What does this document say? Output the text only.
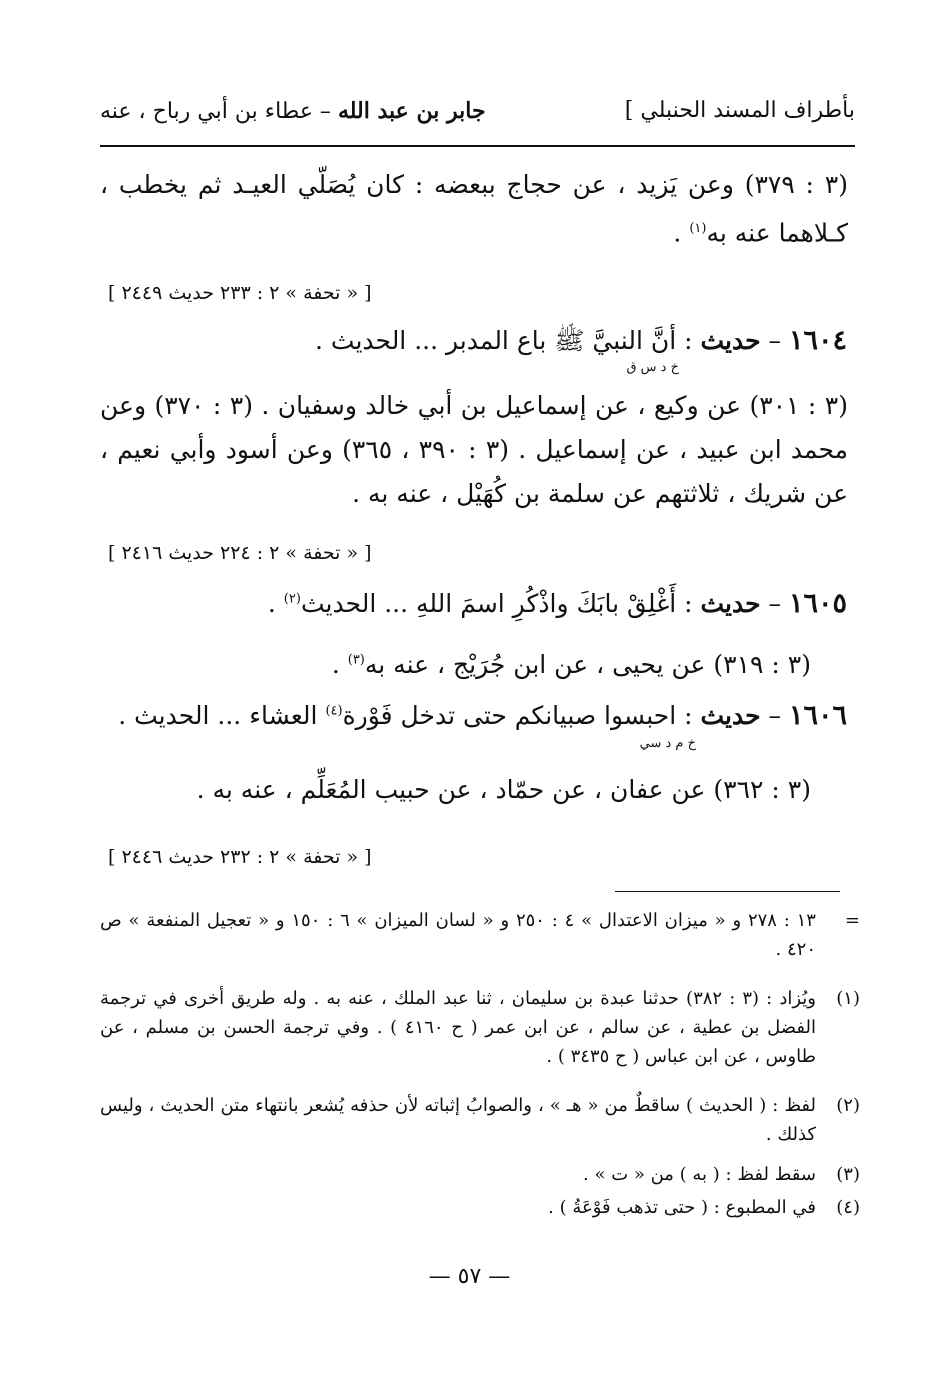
بأطراف المسند الحنبلي ]
جابر بن عبد الله – عطاء بن أبي رباح ، عنه
(٣ : ٣٧٩) وعن يَزيد ، عن حجاج ببعضه : كان يُصَلّي العيـد ثم يخطب ، كـلاهما عنه به$^{(١)}$ .
[ « تحفة » ٢ : ٢٣٣ حديث ٢٤٤٩ ]
١٦٠٤ – حديث : أنَّ النبيَّ ﷺ باع المدبر ... الحديث .
خ د س ق
(٣ : ٣٠١) عن وكيع ، عن إسماعيل بن أبي خالد وسفيان . (٣ : ٣٧٠) وعن محمد ابن عبيد ، عن إسماعيل . (٣ : ٣٩٠ ، ٣٦٥) وعن أسود وأبي نعيم ، عن شريك ، ثلاثتهم عن سلمة بن كُهَيْل ، عنه به .
[ « تحفة » ٢ : ٢٢٤ حديث ٢٤١٦ ]
١٦٠٥ – حديث : أَغْلِقْ بابَكَ واذْكُرِ اسمَ اللهِ ... الحديث$^{(٢)}$ .
(٣ : ٣١٩) عن يحيى ، عن ابن جُرَيْج ، عنه به$^{(٣)}$ .
١٦٠٦ – حديث : احبسوا صبيانكم حتى تدخل فَوْرة$^{(٤)}$ العشاء ... الحديث .
خ م د سي
(٣ : ٣٦٢) عن عفان ، عن حمّاد ، عن حبيب المُعَلِّم ، عنه به .
[ « تحفة » ٢ : ٢٣٢ حديث ٢٤٤٦ ]
=
١٣ : ٢٧٨ و « ميزان الاعتدال » ٤ : ٢٥٠ و « لسان الميزان » ٦ : ١٥٠ و « تعجيل المنفعة » ص ٤٢٠ .
(١)
ويُزاد : (٣ : ٣٨٢) حدثنا عبدة بن سليمان ، ثنا عبد الملك ، عنه به . وله طريق أخرى في ترجمة الفضل بن عطية ، عن سالم ، عن ابن عمر ( ح ٤١٦٠ ) . وفي ترجمة الحسن بن مسلم ، عن طاوس ، عن ابن عباس ( ح ٣٤٣٥ ) .
(٢)
لفظ : ( الحديث ) ساقطٌ من « هـ » ، والصوابُ إثباته لأن حذفه يُشعر بانتهاء متن الحديث ، وليس كذلك .
(٣)
سقط لفظ : ( به ) من « ت » .
(٤)
في المطبوع : ( حتى تذهب فَوْعَةُ ) .
— ٥٧ —
